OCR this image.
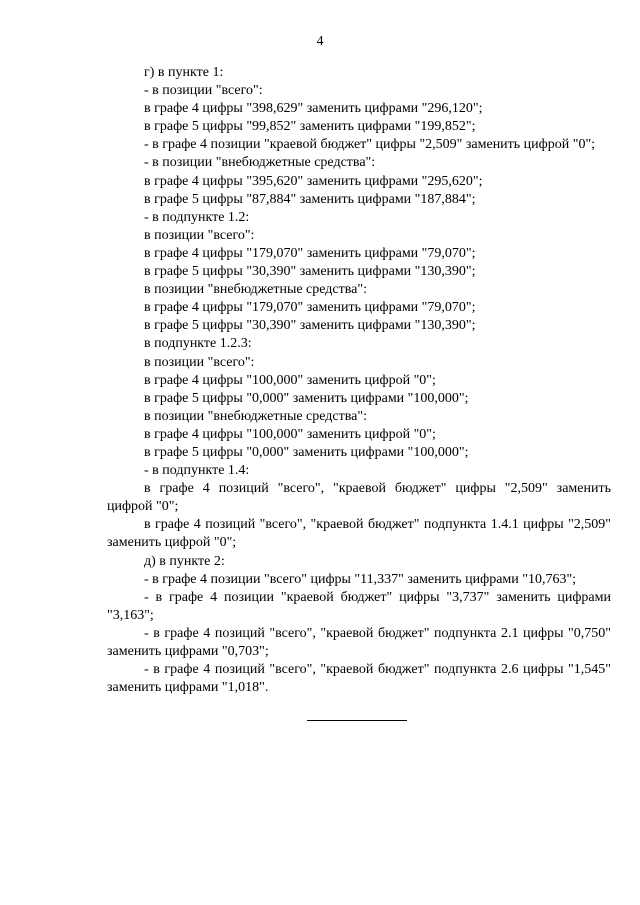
4

г) в пункте 1:

- в позиции "всего":

в графе 4 цифры "398,629" заменить цифрами "296,120";

в графе 5 цифры "99,852" заменить цифрами "199,852";

- в графе 4 позиции "краевой бюджет" цифры "2,509" заменить цифрой "0";

- в позиции "внебюджетные средства":

в графе 4 цифры "395,620" заменить цифрами "295,620";

в графе 5 цифры "87,884" заменить цифрами "187,884";

- в подпункте 1.2:

в позиции "всего":

в графе 4 цифры "179,070" заменить цифрами "79,070";

в графе 5 цифры "30,390" заменить цифрами "130,390";

в позиции "внебюджетные средства":

в графе 4 цифры "179,070" заменить цифрами "79,070";

в графе 5 цифры "30,390" заменить цифрами "130,390";

в подпункте 1.2.3:

в позиции "всего":

в графе 4 цифры "100,000" заменить цифрой "0";

в графе 5 цифры "0,000" заменить цифрами "100,000";

в позиции "внебюджетные средства":

в графе 4 цифры "100,000" заменить цифрой "0";

в графе 5 цифры "0,000" заменить цифрами "100,000";

- в подпункте 1.4:

в графе 4 позиций "всего", "краевой бюджет" цифры "2,509" заменить цифрой "0";

в графе 4 позиций "всего", "краевой бюджет" подпункта 1.4.1 цифры "2,509" заменить цифрой "0";

д) в пункте 2:

- в графе 4 позиции "всего" цифры "11,337" заменить цифрами "10,763";

- в графе 4 позиции "краевой бюджет" цифры "3,737" заменить цифрами "3,163";

- в графе 4 позиций "всего", "краевой бюджет" подпункта 2.1 цифры "0,750" заменить цифрами "0,703";

- в графе 4 позиций "всего", "краевой бюджет" подпункта 2.6 цифры "1,545" заменить цифрами "1,018".
